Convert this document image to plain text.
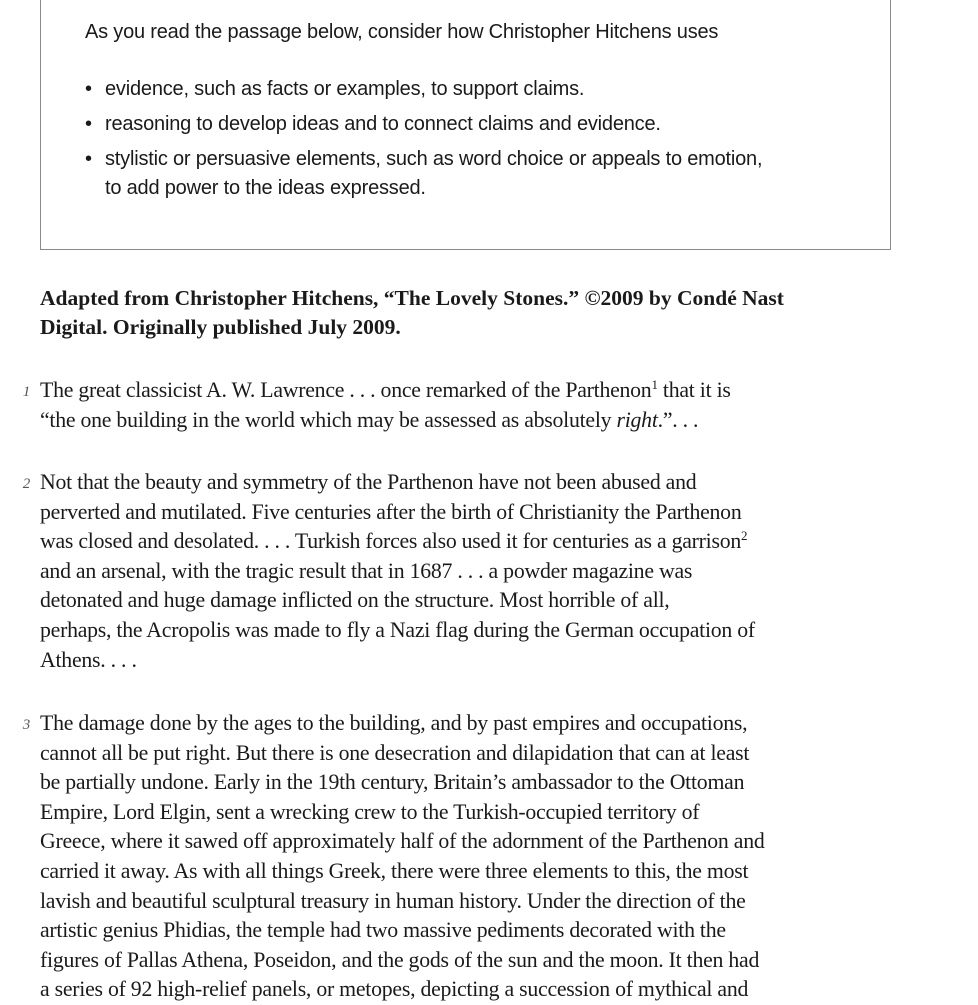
As you read the passage below, consider how Christopher Hitchens uses

• evidence, such as facts or examples, to support claims.
• reasoning to develop ideas and to connect claims and evidence.
• stylistic or persuasive elements, such as word choice or appeals to emotion,
to add power to the ideas expressed.

Adapted from Christopher Hitchens, “The Lovely Stones.” ©2009 by Condé Nast
Digital. Originally published July 2009.

1 The great classicist A. W. Lawrence . . . once remarked of the Parthenon$^1$ that it is
“the one building in the world which may be assessed as absolutely right.”. . .
2 Not that the beauty and symmetry of the Parthenon have not been abused and
perverted and mutilated. Five centuries after the birth of Christianity the Parthenon
was closed and desolated. . . . Turkish forces also used it for centuries as a garrison$^2$
and an arsenal, with the tragic result that in 1687 . . . a powder magazine was
detonated and huge damage inflicted on the structure. Most horrible of all,
perhaps, the Acropolis was made to fly a Nazi flag during the German occupation of
Athens. . . .
3 The damage done by the ages to the building, and by past empires and occupations,
cannot all be put right. But there is one desecration and dilapidation that can at least
be partially undone. Early in the 19th century, Britain’s ambassador to the Ottoman
Empire, Lord Elgin, sent a wrecking crew to the Turkish-occupied territory of
Greece, where it sawed off approximately half of the adornment of the Parthenon and
carried it away. As with all things Greek, there were three elements to this, the most
lavish and beautiful sculptural treasury in human history. Under the direction of the
artistic genius Phidias, the temple had two massive pediments decorated with the
figures of Pallas Athena, Poseidon, and the gods of the sun and the moon. It then had
a series of 92 high-relief panels, or metopes, depicting a succession of mythical and
